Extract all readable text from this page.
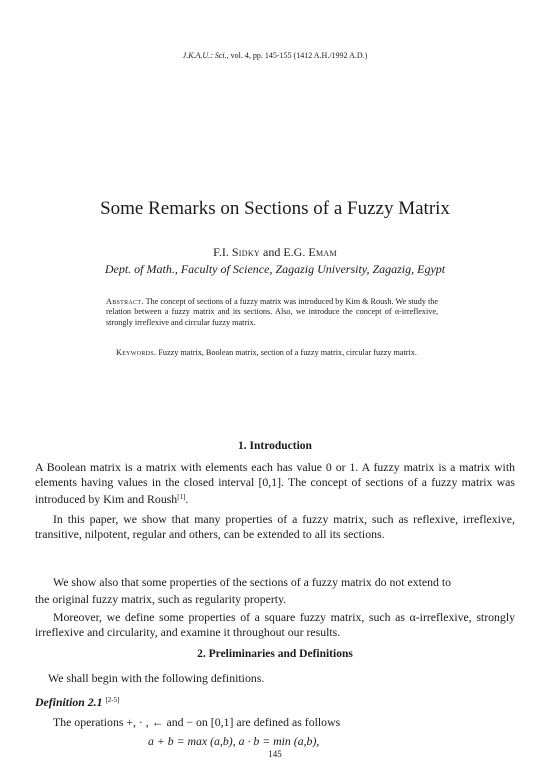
J.K.A.U.: Sci., vol. 4, pp. 145-155 (1412 A.H./1992 A.D.)
Some Remarks on Sections of a Fuzzy Matrix
F.I. Sidky and E.G. Emam
Dept. of Math., Faculty of Science, Zagazig University, Zagazig, Egypt
Abstract. The concept of sections of a fuzzy matrix was introduced by Kim & Roush. We study the relation between a fuzzy matrix and its sections. Also, we introduce the concept of α-irreflexive, strongly irreflexive and circular fuzzy matrix.
Keywords. Fuzzy matrix, Boolean matrix, section of a fuzzy matrix, circular fuzzy matrix.
1. Introduction
A Boolean matrix is a matrix with elements each has value 0 or 1. A fuzzy matrix is a matrix with elements having values in the closed interval [0,1]. The concept of sections of a fuzzy matrix was introduced by Kim and Roush[1].
In this paper, we show that many properties of a fuzzy matrix, such as reflexive, irreflexive, transitive, nilpotent, regular and others, can be extended to all its sections.
We show also that some properties of the sections of a fuzzy matrix do not extend to
the original fuzzy matrix, such as regularity property.
Moreover, we define some properties of a square fuzzy matrix, such as α-irreflexive, strongly irreflexive and circularity, and examine it throughout our results.
2. Preliminaries and Definitions
We shall begin with the following definitions.
Definition 2.1 [2-5]
The operations +, · , ← and − on [0,1] are defined as follows
a + b = max (a,b), a · b = min (a,b),
145
